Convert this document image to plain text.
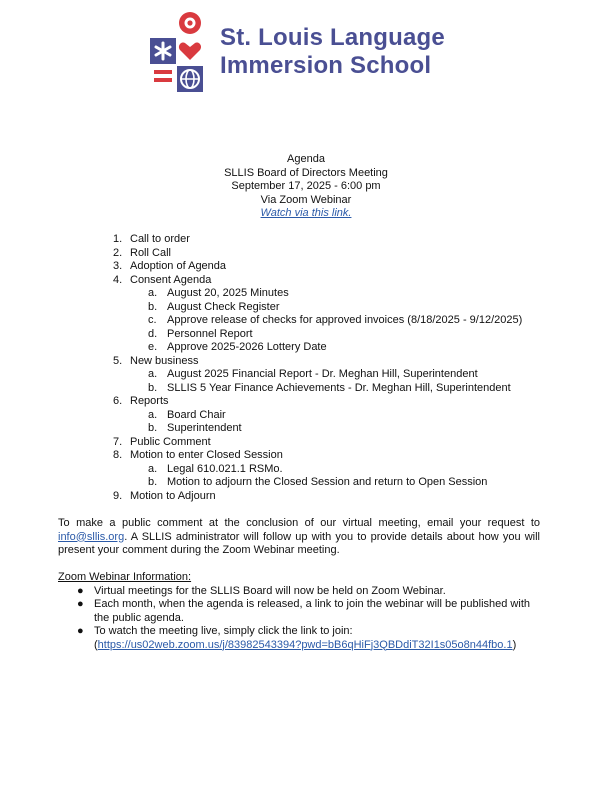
St. Louis Language
Immersion School
Agenda
SLLIS Board of Directors Meeting
September 17, 2025 - 6:00 pm
Via Zoom Webinar
Watch via this link.
1. Call to order
2. Roll Call
3. Adoption of Agenda
4. Consent Agenda
a. August 20, 2025 Minutes
b. August Check Register
c. Approve release of checks for approved invoices (8/18/2025 - 9/12/2025)
d. Personnel Report
e. Approve 2025-2026 Lottery Date
5. New business
a. August 2025 Financial Report - Dr. Meghan Hill, Superintendent
b. SLLIS 5 Year Finance Achievements - Dr. Meghan Hill, Superintendent
6. Reports
a. Board Chair
b. Superintendent
7. Public Comment
8. Motion to enter Closed Session
a. Legal 610.021.1 RSMo.
b. Motion to adjourn the Closed Session and return to Open Session
9. Motion to Adjourn
To make a public comment at the conclusion of our virtual meeting, email your request to info@sllis.org. A SLLIS administrator will follow up with you to provide details about how you will present your comment during the Zoom Webinar meeting.
Zoom Webinar Information:
● Virtual meetings for the SLLIS Board will now be held on Zoom Webinar.
● Each month, when the agenda is released, a link to join the webinar will be published with the public agenda.
● To watch the meeting live, simply click the link to join:
(https://us02web.zoom.us/j/83982543394?pwd=bB6qHiFj3QBDdiT32I1s05o8n44fbo.1)
